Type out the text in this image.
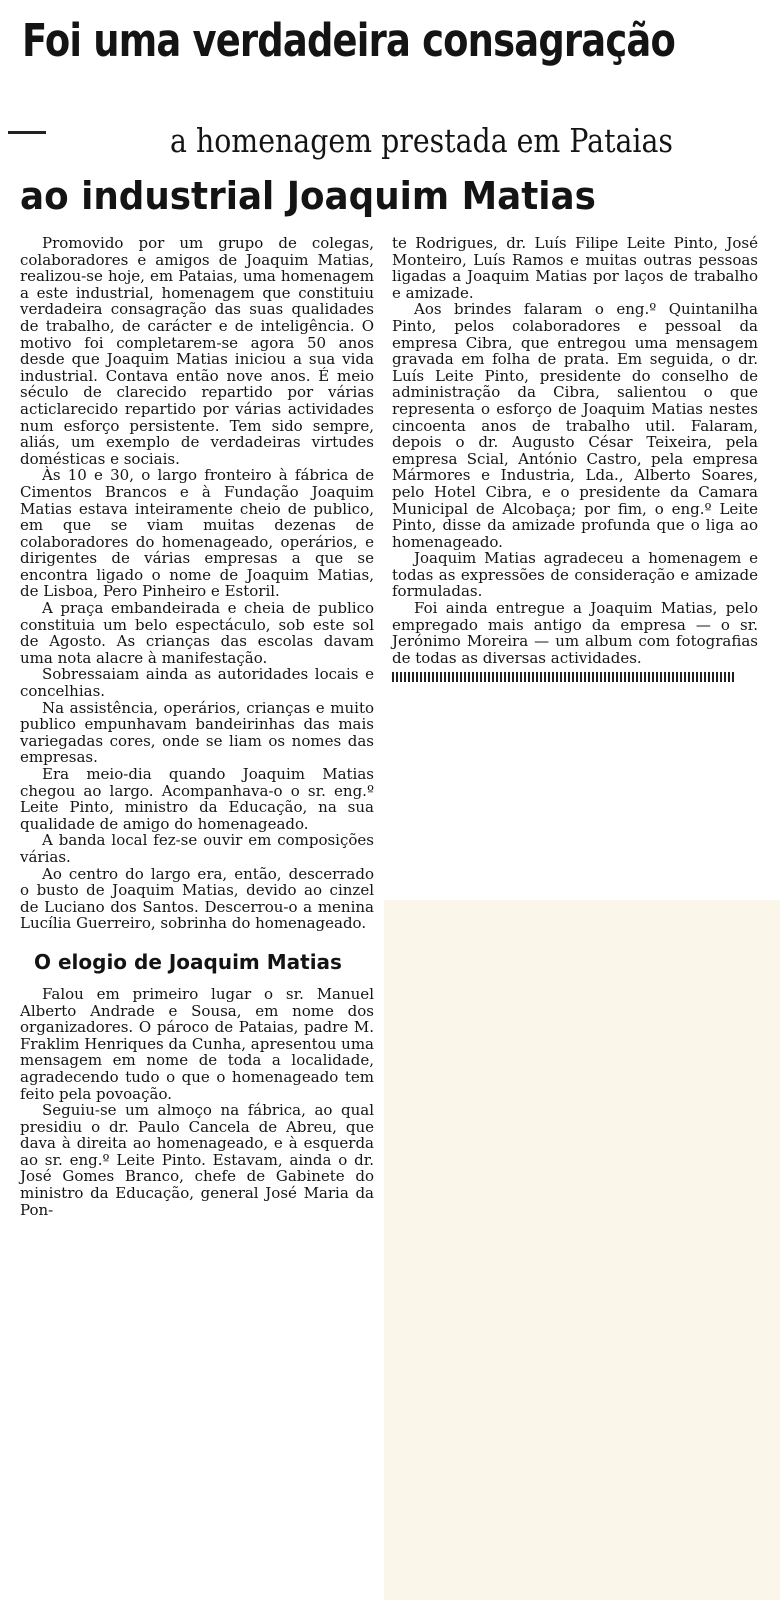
Foi uma verdadeira consagração
a homenagem prestada em Pataias
ao industrial Joaquim Matias

Promovido por um grupo de colegas, colaboradores e amigos de Joaquim Matias, realizou-se hoje, em Pataias, uma homenagem a este industrial, homenagem que constituiu verdadeira consagração das suas qualidades de trabalho, de carácter e de inteligência. O motivo foi completarem-se agora 50 anos desde que Joaquim Matias iniciou a sua vida industrial. Contava então nove anos. É meio século de clarecido repartido por várias acticlarecido repartido por várias actividades num esforço persistente. Tem sido sempre, aliás, um exemplo de verdadeiras virtudes domésticas e sociais.

Às 10 e 30, o largo fronteiro à fábrica de Cimentos Brancos e à Fundação Joaquim Matias estava inteiramente cheio de publico, em que se viam muitas dezenas de colaboradores do homenageado, operários, e dirigentes de várias empresas a que se encontra ligado o nome de Joaquim Matias, de Lisboa, Pero Pinheiro e Estoril.

A praça embandeirada e cheia de publico constituia um belo espectáculo, sob este sol de Agosto. As crianças das escolas davam uma nota alacre à manifestação.

Sobressaiam ainda as autoridades locais e concelhias.

Na assistência, operários, crianças e muito publico empunhavam bandeirinhas das mais variegadas cores, onde se liam os nomes das empresas.

Era meio-dia quando Joaquim Matias chegou ao largo. Acompanhava-o o sr. eng.º Leite Pinto, ministro da Educação, na sua qualidade de amigo do homenageado.

A banda local fez-se ouvir em composições várias.

Ao centro do largo era, então, descerrado o busto de Joaquim Matias, devido ao cinzel de Luciano dos Santos. Descerrou-o a menina Lucília Guerreiro, sobrinha do homenageado.

O elogio de Joaquim Matias

Falou em primeiro lugar o sr. Manuel Alberto Andrade e Sousa, em nome dos organizadores. O pároco de Pataias, padre M. Fraklim Henriques da Cunha, apresentou uma mensagem em nome de toda a localidade, agradecendo tudo o que o homenageado tem feito pela povoação.

Seguiu-se um almoço na fábrica, ao qual presidiu o dr. Paulo Cancela de Abreu, que dava à direita ao homenageado, e à esquerda ao sr. eng.º Leite Pinto. Estavam, ainda o dr. José Gomes Branco, chefe de Gabinete do ministro da Educação, general José Maria da Pon-

te Rodrigues, dr. Luís Filipe Leite Pinto, José Monteiro, Luís Ramos e muitas outras pessoas ligadas a Joaquim Matias por laços de trabalho e amizade.

Aos brindes falaram o eng.º Quintanilha Pinto, pelos colaboradores e pessoal da empresa Cibra, que entregou uma mensagem gravada em folha de prata. Em seguida, o dr. Luís Leite Pinto, presidente do conselho de administração da Cibra, salientou o que representa o esforço de Joaquim Matias nestes cincoenta anos de trabalho util. Falaram, depois o dr. Augusto César Teixeira, pela empresa Scial, António Castro, pela empresa Mármores e Industria, Lda., Alberto Soares, pelo Hotel Cibra, e o presidente da Camara Municipal de Alcobaça; por fim, o eng.º Leite Pinto, disse da amizade profunda que o liga ao homenageado.

Joaquim Matias agradeceu a homenagem e todas as expressões de consideração e amizade formuladas.

Foi ainda entregue a Joaquim Matias, pelo empregado mais antigo da empresa — o sr. Jerónimo Moreira — um album com fotografias de todas as diversas actividades.
